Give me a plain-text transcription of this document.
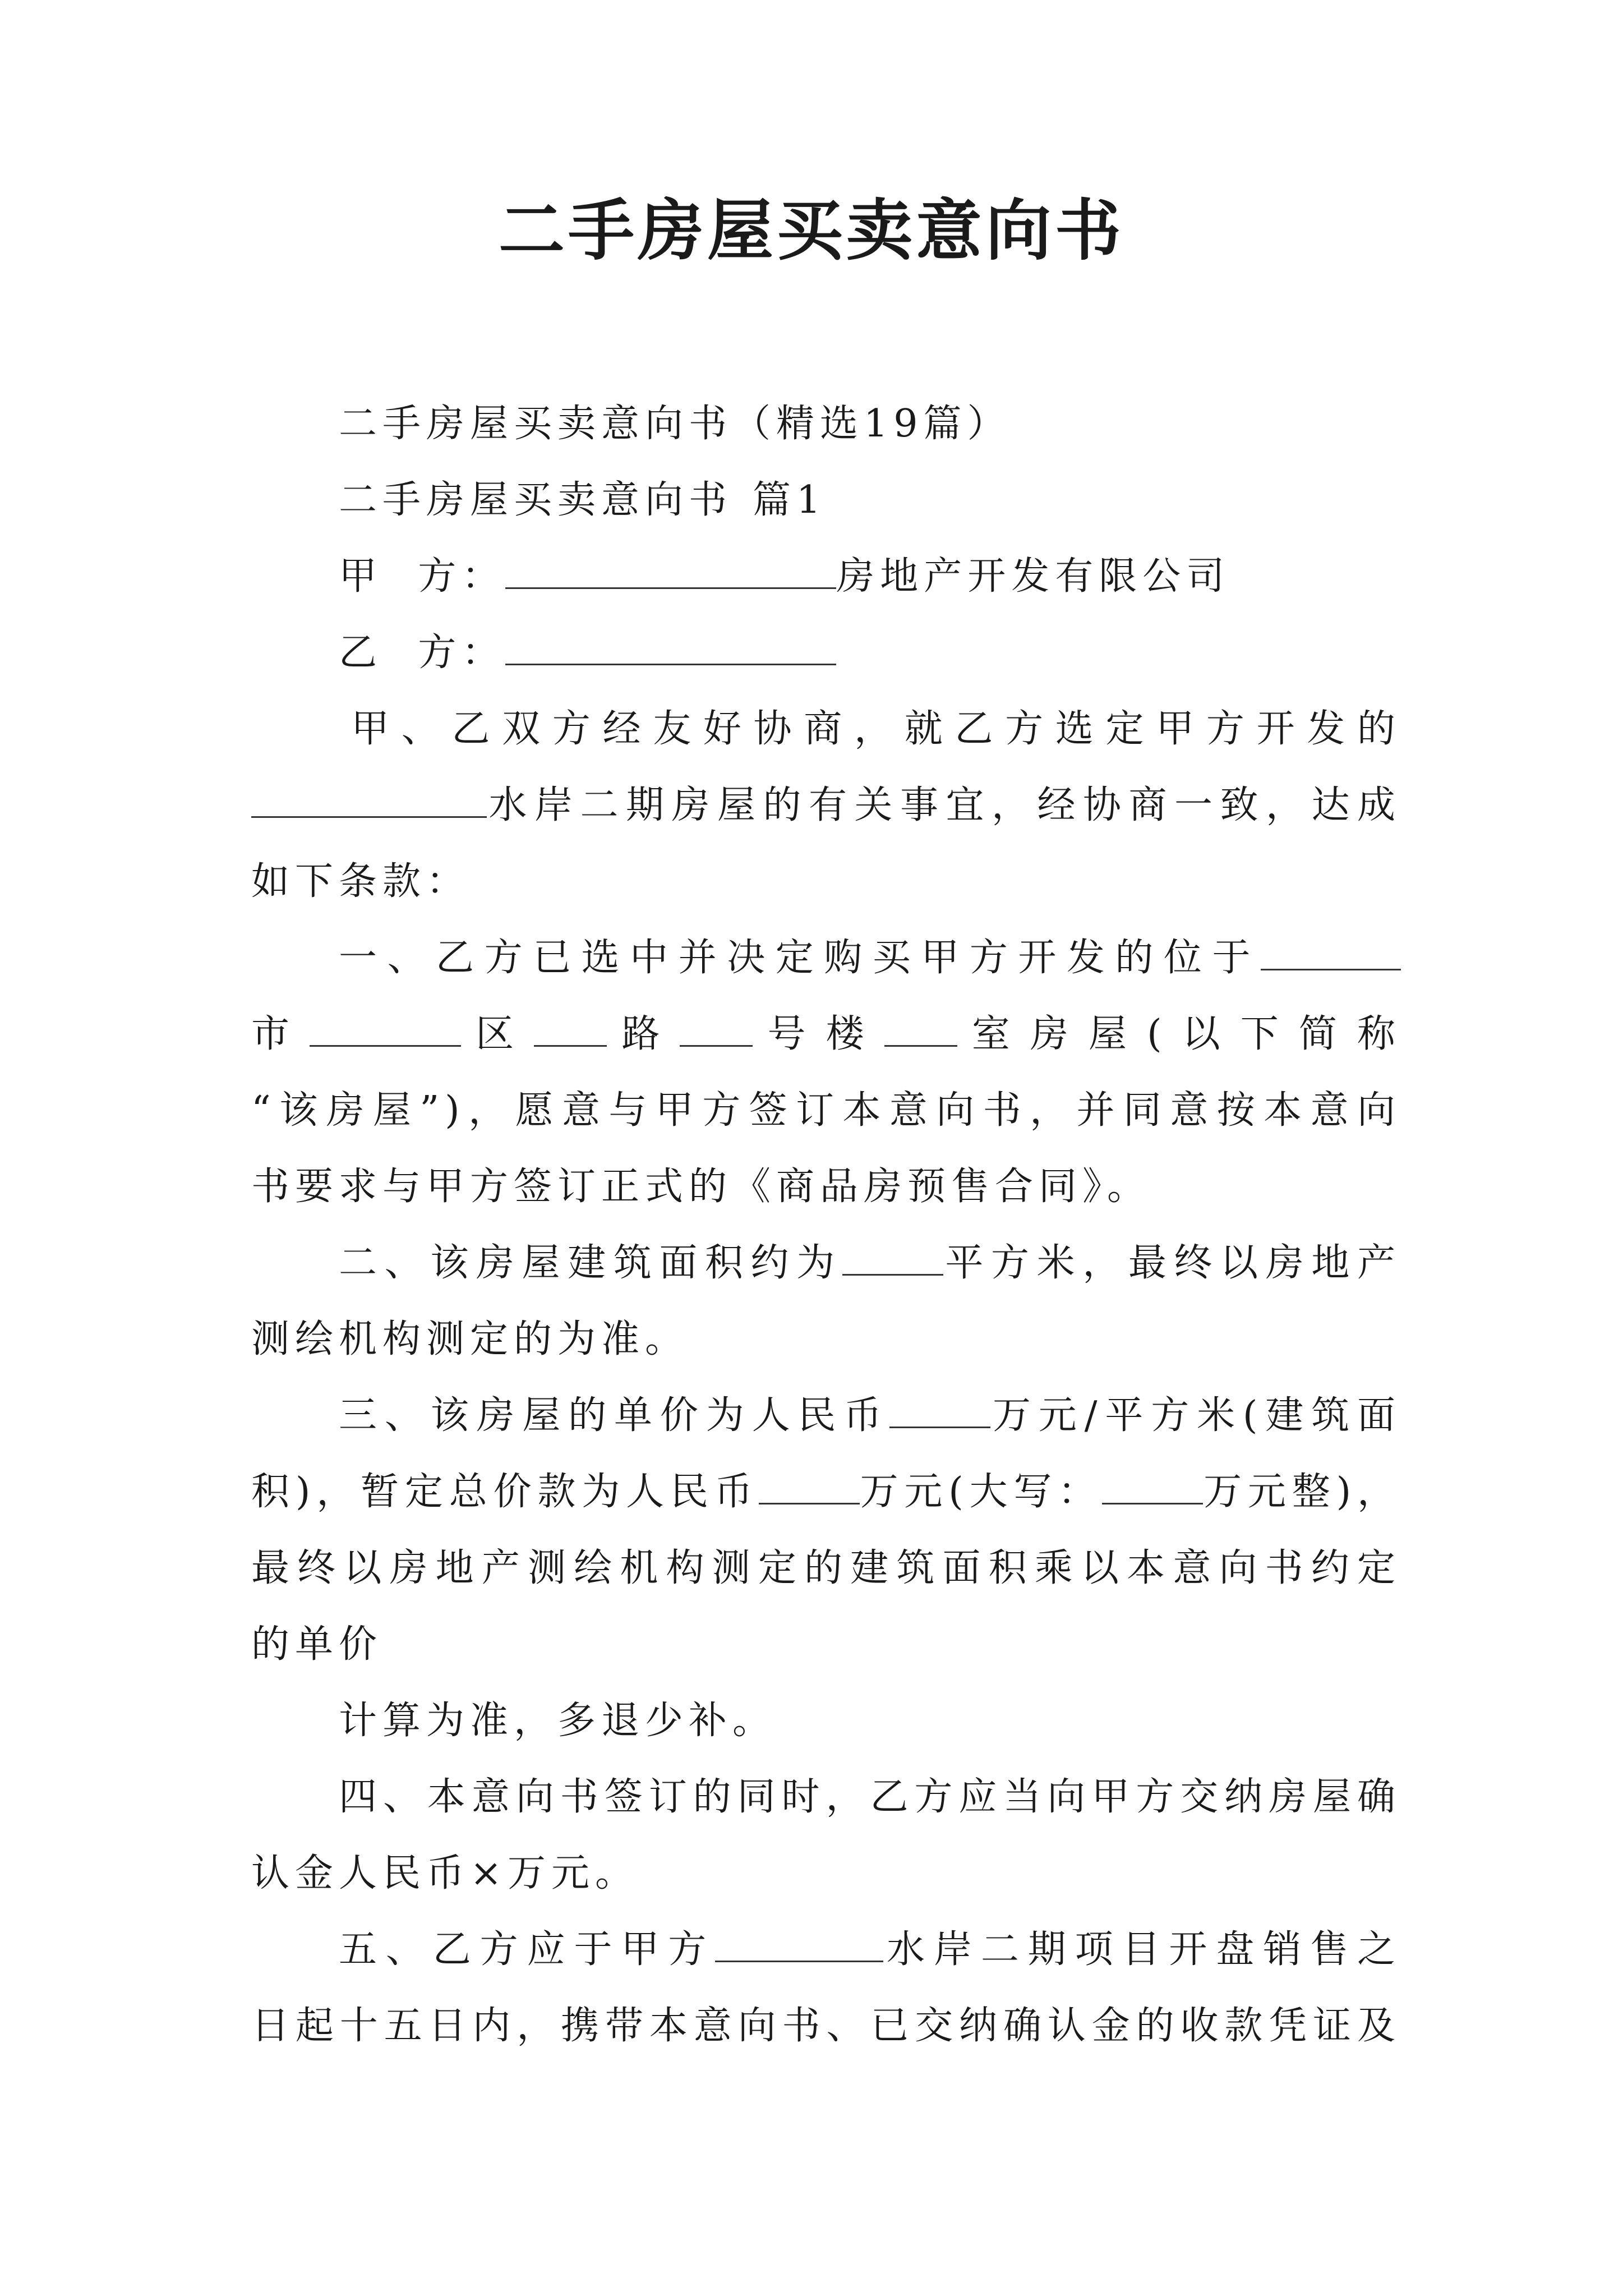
二手房屋买卖意向书
二手房屋买卖意向书（精选19篇）
二手房屋买卖意向书 篇1
甲  方：	房地产开发有限公司
乙  方：
甲、乙双方经友好协商，就乙方选定甲方开发的
水岸二期房屋的有关事宜，经协商一致，达成
如下条款：
一、乙方已选中并决定购买甲方开发的位于
市	区 路 号楼 室房屋(以下简称
“该房屋”)，愿意与甲方签订本意向书，并同意按本意向
书要求与甲方签订正式的《商品房预售合同》。
二、该房屋建筑面积约为	平方米，最终以房地产
测绘机构测定的为准。
三、该房屋的单价为人民币	万元/平方米(建筑面
积)，暂定总价款为人民币	万元(大写：	万元整)，
最终以房地产测绘机构测定的建筑面积乘以本意向书约定
的单价
计算为准，多退少补。
四、本意向书签订的同时，乙方应当向甲方交纳房屋确
认金人民币×万元。
五、乙方应于甲方	水岸二期项目开盘销售之
日起十五日内，携带本意向书、已交纳确认金的收款凭证及
